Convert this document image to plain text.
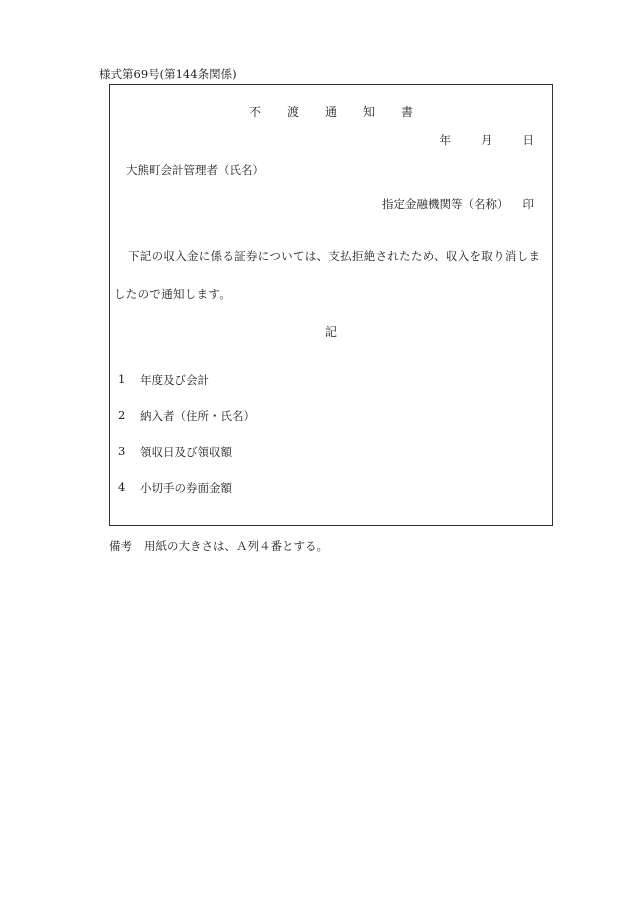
様式第69号(第144条関係)
不渡通知書
年	月	日
大熊町会計管理者（氏名）
指定金融機関等（名称） 印
下記の収入金に係る証券については、支払拒絶されたため、収入を取り消しましたので通知します。
記
1	年度及び会計
2	納入者（住所・氏名）
3	領収日及び領収額
4	小切手の券面金額
備考 用紙の大きさは、Ａ列４番とする。
